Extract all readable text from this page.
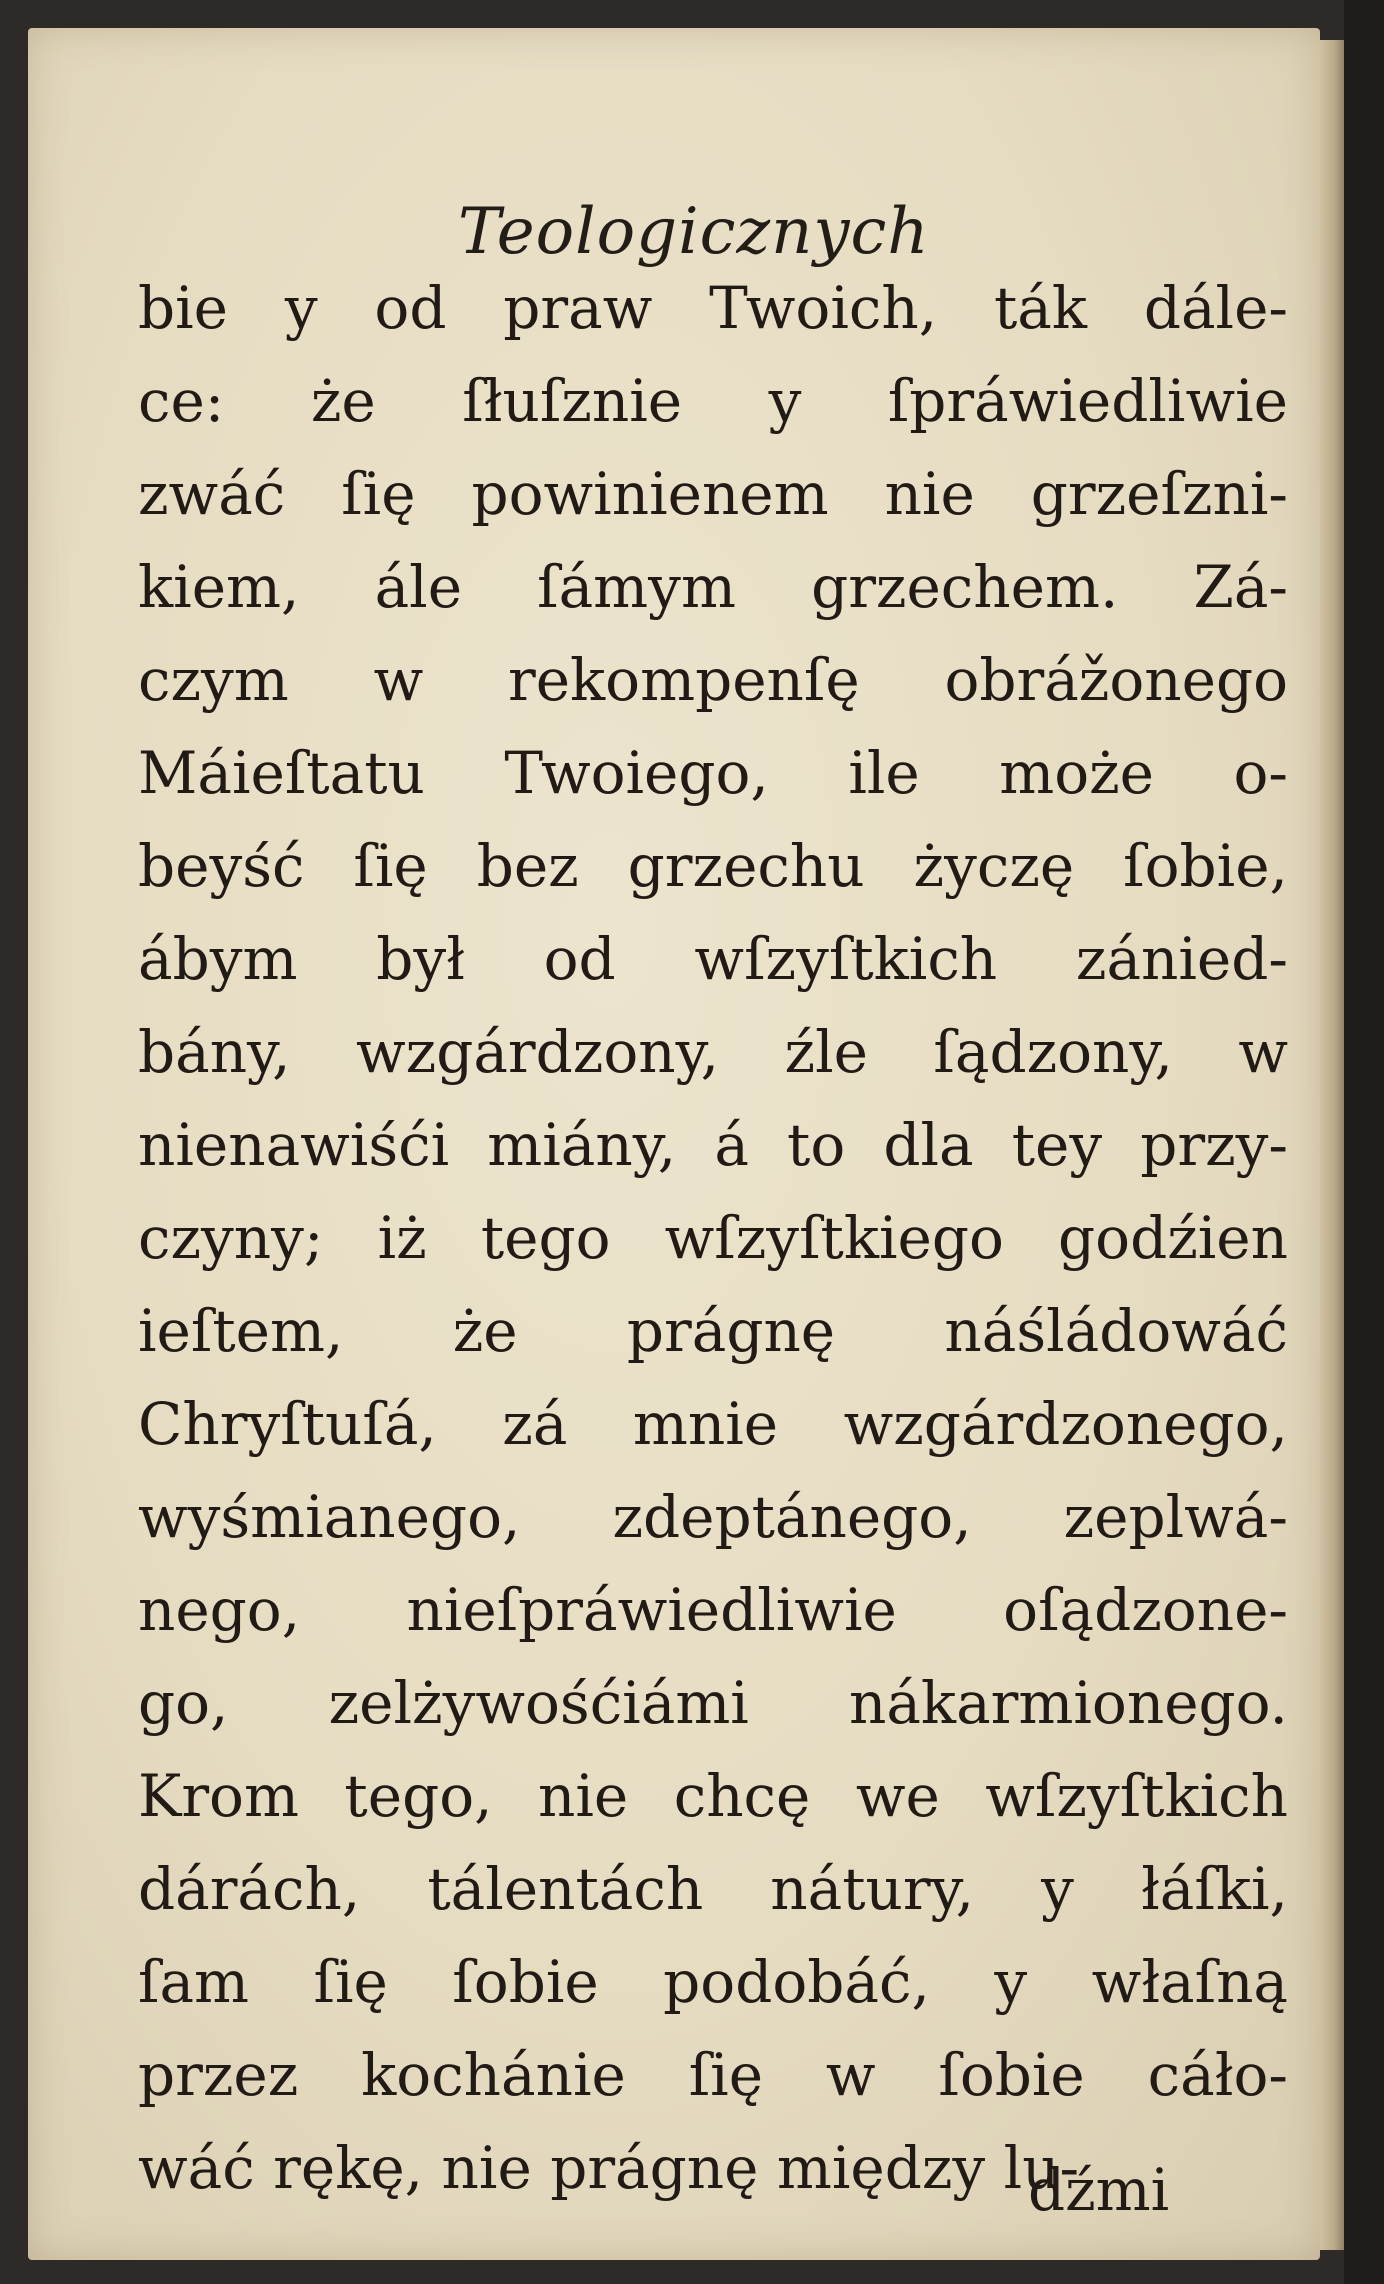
Teologicznych
bie y od praw Twoich, ták dále-
ce: że ſłuſznie y ſpráwiedliwie
zwáć ſię powinienem nie grzeſzni-
kiem, ále ſámym grzechem. Zá-
czym w rekompenſę obrážonego
Máieſtatu Twoiego, ile może o-
beyść ſię bez grzechu życzę ſobie,
ábym był od wſzyſtkich zánied-
bány, wzgárdzony, źle ſądzony, w
nienawiśći miány, á to dla tey przy-
czyny; iż tego wſzyſtkiego godźien
ieſtem, że prágnę náśládowáć
Chryſtuſá, zá mnie wzgárdzonego,
wyśmianego, zdeptánego, zeplwá-
nego, nieſpráwiedliwie oſądzone-
go, zelżywośćiámi nákarmionego.
Krom tego, nie chcę we wſzyſtkich
dárách, tálentách nátury, y łáſki,
ſam ſię ſobie podobáć, y właſną
przez kochánie ſię w ſobie cáło-
wáć rękę, nie prágnę między lu-

dźmi
